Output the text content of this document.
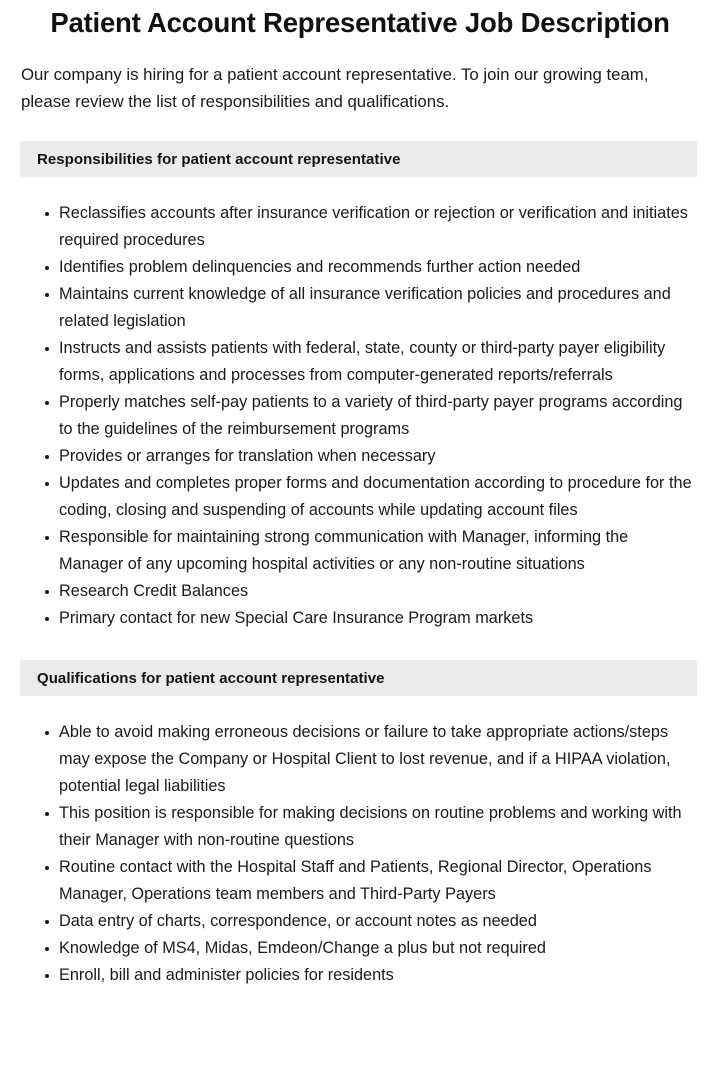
Patient Account Representative Job Description

Our company is hiring for a patient account representative. To join our growing team, please review the list of responsibilities and qualifications.

Responsibilities for patient account representative
Reclassifies accounts after insurance verification or rejection or verification and initiates required procedures
Identifies problem delinquencies and recommends further action needed
Maintains current knowledge of all insurance verification policies and procedures and related legislation
Instructs and assists patients with federal, state, county or third-party payer eligibility forms, applications and processes from computer-generated reports/referrals
Properly matches self-pay patients to a variety of third-party payer programs according to the guidelines of the reimbursement programs
Provides or arranges for translation when necessary
Updates and completes proper forms and documentation according to procedure for the coding, closing and suspending of accounts while updating account files
Responsible for maintaining strong communication with Manager, informing the Manager of any upcoming hospital activities or any non-routine situations
Research Credit Balances
Primary contact for new Special Care Insurance Program markets
Qualifications for patient account representative
Able to avoid making erroneous decisions or failure to take appropriate actions/steps may expose the Company or Hospital Client to lost revenue, and if a HIPAA violation, potential legal liabilities
This position is responsible for making decisions on routine problems and working with their Manager with non-routine questions
Routine contact with the Hospital Staff and Patients, Regional Director, Operations Manager, Operations team members and Third-Party Payers
Data entry of charts, correspondence, or account notes as needed
Knowledge of MS4, Midas, Emdeon/Change a plus but not required
Enroll, bill and administer policies for residents
